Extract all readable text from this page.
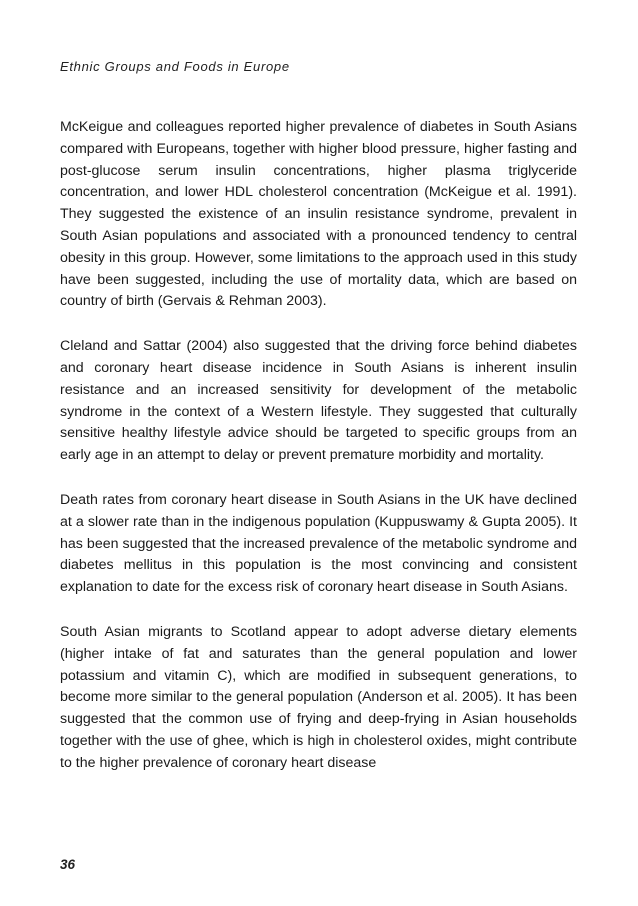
Ethnic Groups and Foods in Europe

McKeigue and colleagues reported higher prevalence of diabetes in South Asians compared with Europeans, together with higher blood pressure, higher fasting and post-glucose serum insulin concentrations, higher plasma triglyceride concentration, and lower HDL cholesterol concentration (McKeigue et al. 1991). They suggested the existence of an insulin resistance syndrome, prevalent in South Asian populations and associated with a pronounced tendency to central obesity in this group. However, some limitations to the approach used in this study have been suggested, including the use of mortality data, which are based on country of birth (Gervais & Rehman 2003).

Cleland and Sattar (2004) also suggested that the driving force behind diabetes and coronary heart disease incidence in South Asians is inherent insulin resistance and an increased sensitivity for development of the metabolic syndrome in the context of a Western lifestyle. They suggested that culturally sensitive healthy lifestyle advice should be targeted to specific groups from an early age in an attempt to delay or prevent premature morbidity and mortality.

Death rates from coronary heart disease in South Asians in the UK have declined at a slower rate than in the indigenous population (Kuppuswamy & Gupta 2005). It has been suggested that the increased prevalence of the metabolic syndrome and diabetes mellitus in this population is the most convincing and consistent explanation to date for the excess risk of coronary heart disease in South Asians.

South Asian migrants to Scotland appear to adopt adverse dietary elements (higher intake of fat and saturates than the general population and lower potassium and vitamin C), which are modified in subsequent generations, to become more similar to the general population (Anderson et al. 2005). It has been suggested that the common use of frying and deep-frying in Asian households together with the use of ghee, which is high in cholesterol oxides, might contribute to the higher prevalence of coronary heart disease

36
